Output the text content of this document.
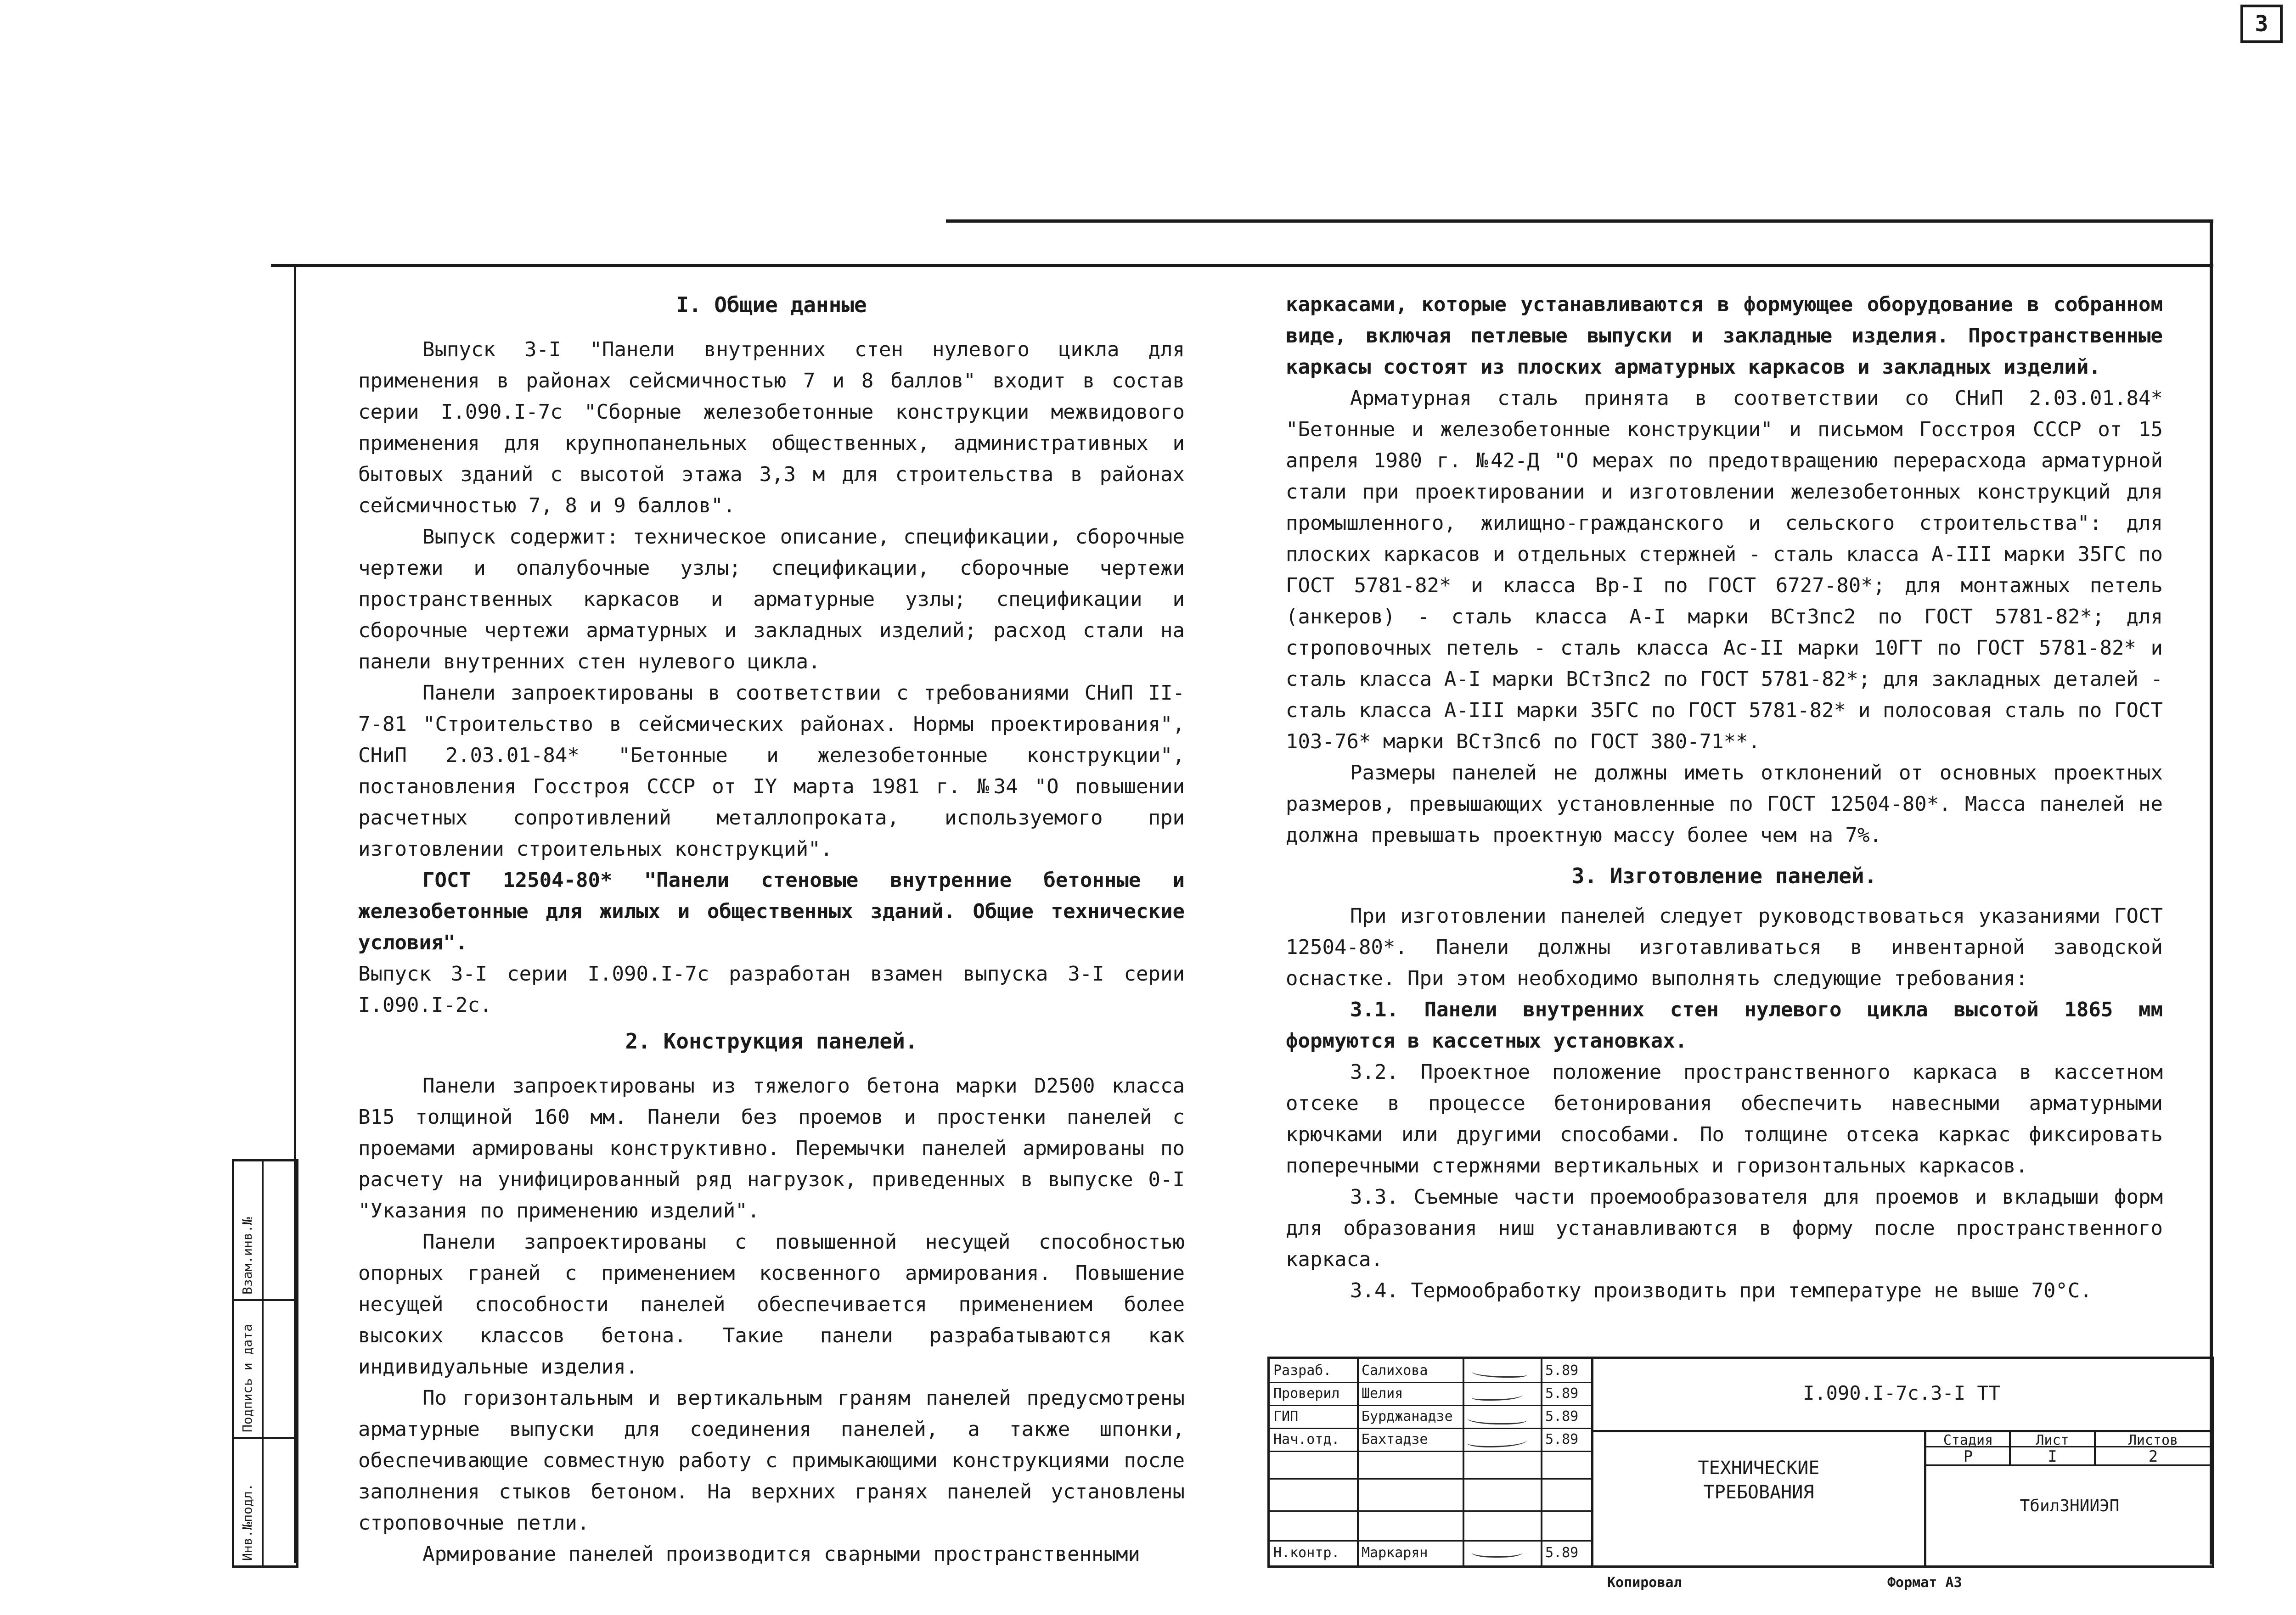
3
I. Общие данные

Выпуск 3-I "Панели внутренних стен нулевого цикла для применения в районах сейсмичностью 7 и 8 баллов" входит в состав серии I.090.I-7с "Сборные железобетонные конструкции межвидового применения для крупнопанельных общественных, административных и бытовых зданий с высотой этажа 3,3 м для строительства в районах сейсмичностью 7, 8 и 9 баллов".

Выпуск содержит: техническое описание, спецификации, сборочные чертежи и опалубочные узлы; спецификации, сборочные чертежи пространственных каркасов и арматурные узлы; спецификации и сборочные чертежи арматурных и закладных изделий; расход стали на панели внутренних стен нулевого цикла.

Панели запроектированы в соответствии с требованиями СНиП II-7-81 "Строительство в сейсмических районах. Нормы проектирования", СНиП 2.03.01-84* "Бетонные и железобетонные конструкции", постановления Госстроя СССР от IY марта 1981 г. №34 "О повышении расчетных сопротивлений металлопроката, используемого при изготовлении строительных конструкций".

ГОСТ 12504-80* "Панели стеновые внутренние бетонные и железобетонные для жилых и общественных зданий. Общие технические условия".

Выпуск 3-I серии I.090.I-7с разработан взамен выпуска 3-I серии I.090.I-2с.

2. Конструкция панелей.

Панели запроектированы из тяжелого бетона марки D2500 класса B15 толщиной 160 мм. Панели без проемов и простенки панелей с проемами армированы конструктивно. Перемычки панелей армированы по расчету на унифицированный ряд нагрузок, приведенных в выпуске 0-I "Указания по применению изделий".

Панели запроектированы с повышенной несущей способностью опорных граней с применением косвенного армирования. Повышение несущей способности панелей обеспечивается применением более высоких классов бетона. Такие панели разрабатываются как индивидуальные изделия.

По горизонтальным и вертикальным граням панелей предусмотрены арматурные выпуски для соединения панелей, а также шпонки, обеспечивающие совместную работу с примыкающими конструкциями после заполнения стыков бетоном. На верхних гранях панелей установлены строповочные петли.

Армирование панелей производится сварными пространственными

каркасами, которые устанавливаются в формующее оборудование в собранном виде, включая петлевые выпуски и закладные изделия. Пространственные каркасы состоят из плоских арматурных каркасов и закладных изделий.

Арматурная сталь принята в соответствии со СНиП 2.03.01.84* "Бетонные и железобетонные конструкции" и письмом Госстроя СССР от 15 апреля 1980 г. №42-Д "О мерах по предотвращению перерасхода арматурной стали при проектировании и изготовлении железобетонных конструкций для промышленного, жилищно-гражданского и сельского строительства": для плоских каркасов и отдельных стержней - сталь класса А-III марки 35ГС по ГОСТ 5781-82* и класса Вр-I по ГОСТ 6727-80*; для монтажных петель (анкеров) - сталь класса А-I марки ВСт3пс2 по ГОСТ 5781-82*; для строповочных петель - сталь класса Ас-II марки 10ГТ по ГОСТ 5781-82* и сталь класса А-I марки ВСт3пс2 по ГОСТ 5781-82*; для закладных деталей - сталь класса А-III марки 35ГС по ГОСТ 5781-82* и полосовая сталь по ГОСТ 103-76* марки ВСт3пс6 по ГОСТ 380-71**.

Размеры панелей не должны иметь отклонений от основных проектных размеров, превышающих установленные по ГОСТ 12504-80*. Масса панелей не должна превышать проектную массу более чем на 7%.

3. Изготовление панелей.

При изготовлении панелей следует руководствоваться указаниями ГОСТ 12504-80*. Панели должны изготавливаться в инвентарной заводской оснастке. При этом необходимо выполнять следующие требования:

3.1. Панели внутренних стен нулевого цикла высотой 1865 мм формуются в кассетных установках.

3.2. Проектное положение пространственного каркаса в кассетном отсеке в процессе бетонирования обеспечить навесными арматурными крючками или другими способами. По толщине отсека каркас фиксировать поперечными стержнями вертикальных и горизонтальных каркасов.

3.3. Съемные части проемообразователя для проемов и вкладыши форм для образования ниш устанавливаются в форму после пространственного каркаса.

3.4. Термообработку производить при температуре не выше 70°С.

Инв.№подл.
Подпись и дата
Взам.инв.№
Разраб. Салихова	5.89
Проверил Шелия	5.89
ГИП	Бурджанадзе	5.89
Нач.отд. Бахтадзе	5.89
Н.контр. Маркарян	5.89
I.090.I-7с.3-I ТТ
ТЕХНИЧЕСКИЕ
ТРЕБОВАНИЯ
Стадия	Лист	Листов
Р	I	2
ТбилЗНИИЭП
Копировал	Формат А3
